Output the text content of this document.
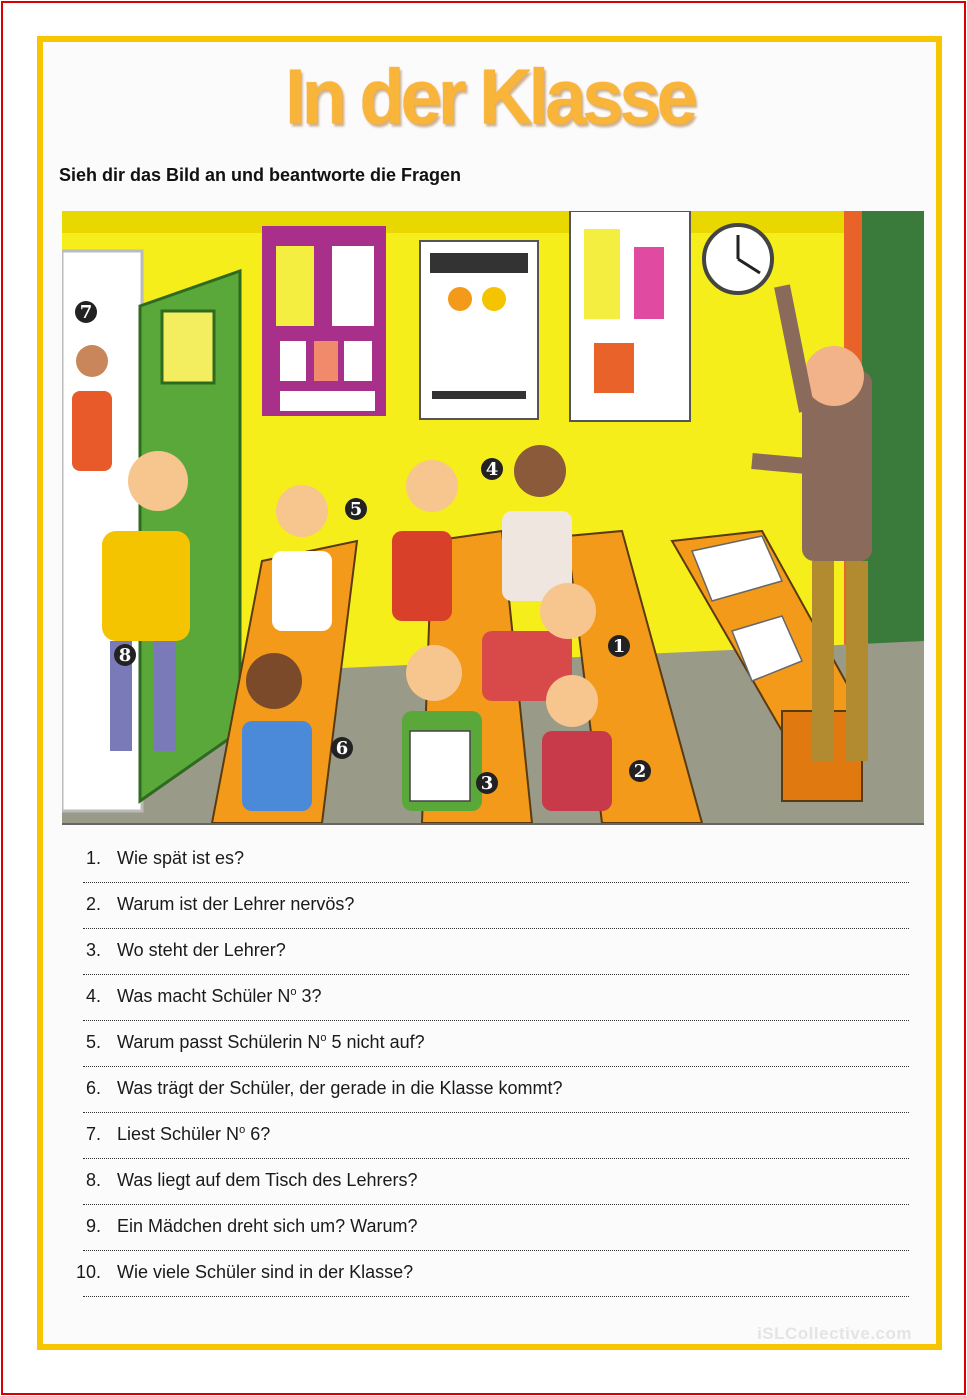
In der Klasse
Sieh dir das Bild an und beantworte die Fragen
1
2
3
4
5
6
7
8
1. Wie spät ist es?
2. Warum ist der Lehrer nervös?
3. Wo steht der Lehrer?
4. Was macht Schüler $N^o$ 3?
5. Warum passt Schülerin $N^o$ 5 nicht auf?
6. Was trägt der Schüler, der gerade in die Klasse kommt?
7. Liest Schüler $N^o$ 6?
8. Was liegt auf dem Tisch des Lehrers?
9. Ein Mädchen dreht sich um? Warum?
10. Wie viele Schüler sind in der Klasse?
iSLCollective.com
